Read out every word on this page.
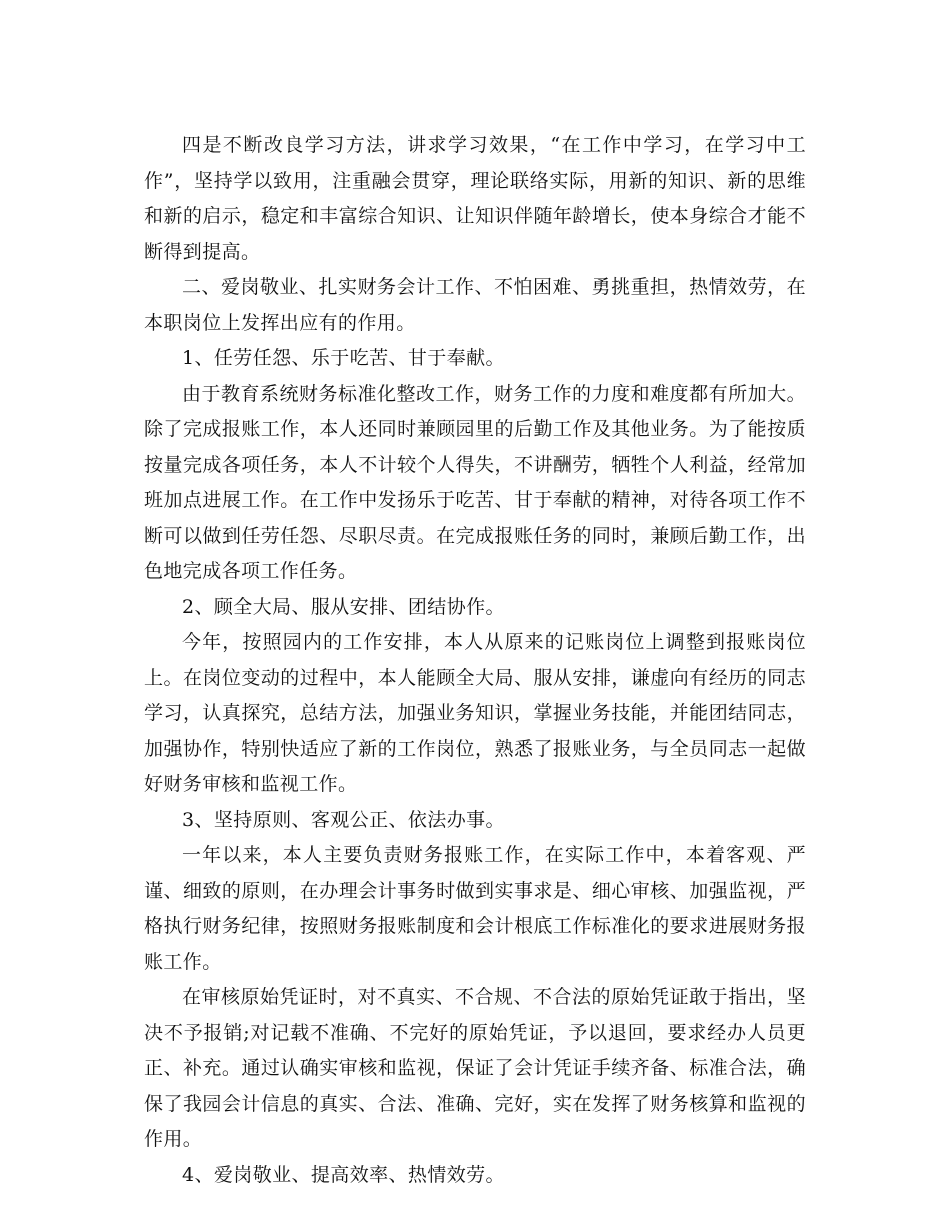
四是不断改良学习方法，讲求学习效果，“在工作中学习，在学习中工作”，坚持学以致用，注重融会贯穿，理论联络实际，用新的知识、新的思维和新的启示，稳定和丰富综合知识、让知识伴随年龄增长，使本身综合才能不断得到提高。

二、爱岗敬业、扎实财务会计工作、不怕困难、勇挑重担，热情效劳，在本职岗位上发挥出应有的作用。

1、任劳任怨、乐于吃苦、甘于奉献。

由于教育系统财务标准化整改工作，财务工作的力度和难度都有所加大。除了完成报账工作，本人还同时兼顾园里的后勤工作及其他业务。为了能按质按量完成各项任务，本人不计较个人得失，不讲酬劳，牺牲个人利益，经常加班加点进展工作。在工作中发扬乐于吃苦、甘于奉献的精神，对待各项工作不断可以做到任劳任怨、尽职尽责。在完成报账任务的同时，兼顾后勤工作，出色地完成各项工作任务。

2、顾全大局、服从安排、团结协作。

今年，按照园内的工作安排，本人从原来的记账岗位上调整到报账岗位上。在岗位变动的过程中，本人能顾全大局、服从安排，谦虚向有经历的同志学习，认真探究，总结方法，加强业务知识，掌握业务技能，并能团结同志，加强协作，特别快适应了新的工作岗位，熟悉了报账业务，与全员同志一起做好财务审核和监视工作。

3、坚持原则、客观公正、依法办事。

一年以来，本人主要负责财务报账工作，在实际工作中，本着客观、严谨、细致的原则，在办理会计事务时做到实事求是、细心审核、加强监视，严格执行财务纪律，按照财务报账制度和会计根底工作标准化的要求进展财务报账工作。

在审核原始凭证时，对不真实、不合规、不合法的原始凭证敢于指出，坚决不予报销;对记载不准确、不完好的原始凭证，予以退回，要求经办人员更正、补充。通过认确实审核和监视，保证了会计凭证手续齐备、标准合法，确保了我园会计信息的真实、合法、准确、完好，实在发挥了财务核算和监视的作用。

4、爱岗敬业、提高效率、热情效劳。
